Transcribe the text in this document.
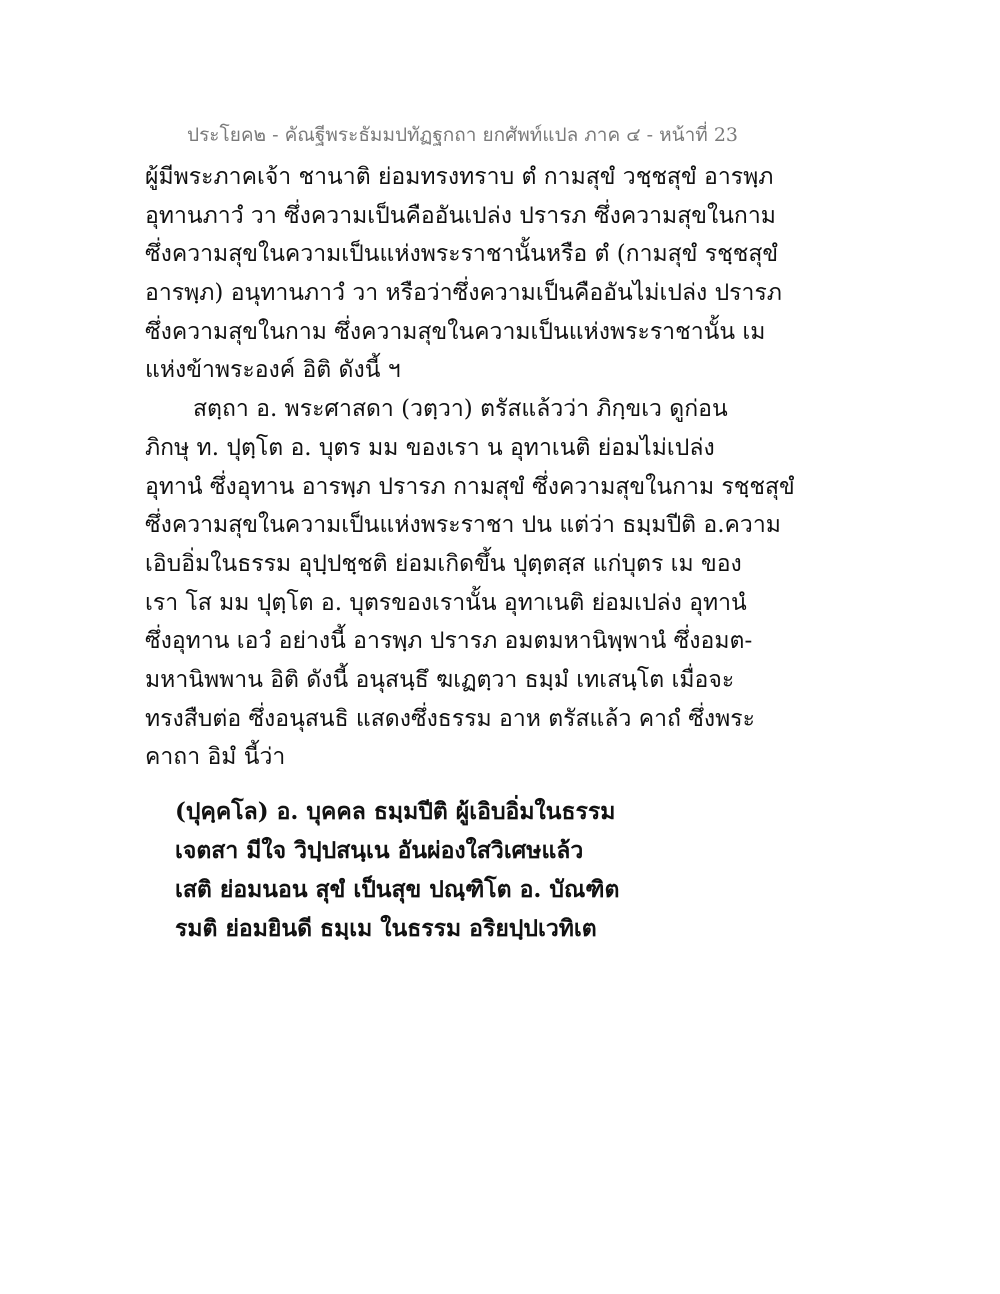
ประโยค๒ - คัณฐีพระธัมมปทัฏฐกถา ยกศัพท์แปล ภาค ๔ - หน้าที่ 23
ผู้มีพระภาคเจ้า ชานาติ ย่อมทรงทราบ ตํ กามสุขํ วชฺชสุขํ อารพฺภ
อุทานภาวํ วา ซึ่งความเป็นคืออันเปล่ง ปรารภ ซึ่งความสุขในกาม
ซึ่งความสุขในความเป็นแห่งพระราชานั้นหรือ ตํ (กามสุขํ รชฺชสุขํ
อารพฺภ) อนุทานภาวํ วา หรือว่าซึ่งความเป็นคืออันไม่เปล่ง ปรารภ
ซึ่งความสุขในกาม ซึ่งความสุขในความเป็นแห่งพระราชานั้น เม
แห่งข้าพระองค์ อิติ ดังนี้ ฯ
สตฺถา อ. พระศาสดา (วตฺวา) ตรัสแล้วว่า ภิกฺขเว ดูก่อน
ภิกษุ ท. ปุตฺโต อ. บุตร มม ของเรา น อุทาเนติ ย่อมไม่เปล่ง
อุทานํ ซึ่งอุทาน อารพฺภ ปรารภ กามสุขํ ซึ่งความสุขในกาม รชฺชสุขํ
ซึ่งความสุขในความเป็นแห่งพระราชา ปน แต่ว่า ธมฺมปีติ อ.ความ
เอิบอิ่มในธรรม อุปฺปชฺชติ ย่อมเกิดขึ้น ปุตฺตสฺส แก่บุตร เม ของ
เรา โส มม ปุตฺโต อ. บุตรของเรานั้น อุทาเนติ ย่อมเปล่ง อุทานํ
ซึ่งอุทาน เอวํ อย่างนี้ อารพฺภ ปรารภ อมตมหานิพฺพานํ ซึ่งอมต-
มหานิพพาน อิติ ดังนี้ อนุสนฺธึ ฆเฏตฺวา ธมฺมํ เทเสนฺโต เมื่อจะ
ทรงสืบต่อ ซึ่งอนุสนธิ แสดงซึ่งธรรม อาห ตรัสแล้ว คาถํ ซึ่งพระ
คาถา อิมํ นี้ว่า
(ปุคฺคโล) อ. บุคคล ธมฺมปีติ ผู้เอิบอิ่มในธรรม
เจตสา มีใจ วิปฺปสนฺเน อันผ่องใสวิเศษแล้ว
เสติ ย่อมนอน สุขํ เป็นสุข ปณฺฑิโต อ. บัณฑิต
รมติ ย่อมยินดี ธมฺเม ในธรรม อริยปฺปเวทิเต
